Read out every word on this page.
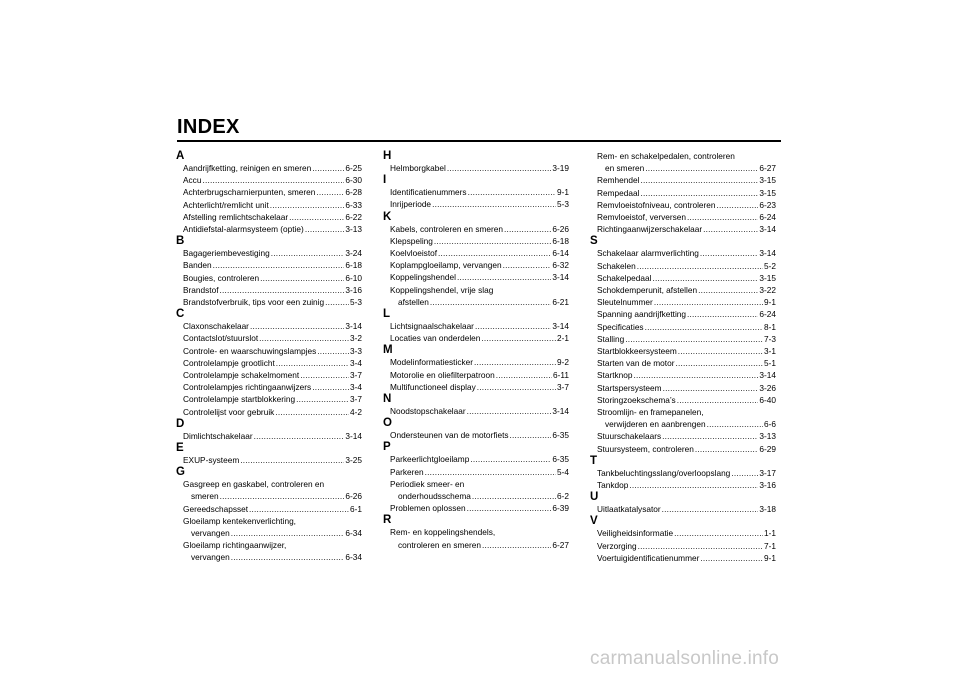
INDEX
A
Aandrijfketting, reinigen en smeren .....	6-25
Accu .....	6-30
Achterbrugscharnierpunten, smeren .....	6-28
Achterlicht/remlicht unit .....	6-33
Afstelling remlichtschakelaar .....	6-22
Antidiefstal-alarmsysteem (optie) .....	3-13
B
Bagageriembevestiging .....	3-24
Banden .....	6-18
Bougies, controleren .....	6-10
Brandstof .....	3-16
Brandstofverbruik, tips voor een zuinig .....	5-3
C
Claxonschakelaar .....	3-14
Contactslot/stuurslot .....	3-2
Controle- en waarschuwingslampjes .....	3-3
Controlelampje grootlicht .....	3-4
Controlelampje schakelmoment .....	3-7
Controlelampjes richtingaanwijzers .....	3-4
Controlelampje startblokkering .....	3-7
Controlelijst voor gebruik .....	4-2
D
Dimlichtschakelaar .....	3-14
E
EXUP-systeem .....	3-25
G
Gasgreep en gaskabel, controleren en
smeren .....	6-26
Gereedschapsset .....	6-1
Gloeilamp kentekenverlichting,
vervangen .....	6-34
Gloeilamp richtingaanwijzer,
vervangen .....	6-34
H
Helmborgkabel .....	3-19
I
Identificatienummers .....	9-1
Inrijperiode .....	5-3
K
Kabels, controleren en smeren .....	6-26
Klepspeling .....	6-18
Koelvloeistof .....	6-14
Koplampgloeilamp, vervangen .....	6-32
Koppelingshendel .....	3-14
Koppelingshendel, vrije slag
afstellen .....	6-21
L
Lichtsignaalschakelaar .....	3-14
Locaties van onderdelen .....	2-1
M
Modelinformatiesticker .....	9-2
Motorolie en oliefilterpatroon .....	6-11
Multifunctioneel display .....	3-7
N
Noodstopschakelaar .....	3-14
O
Ondersteunen van de motorfiets .....	6-35
P
Parkeerlichtgloeilamp .....	6-35
Parkeren .....	5-4
Periodiek smeer- en
onderhoudsschema .....	6-2
Problemen oplossen .....	6-39
R
Rem- en koppelingshendels,
controleren en smeren .....	6-27
Rem- en schakelpedalen, controleren
en smeren .....	6-27
Remhendel .....	3-15
Rempedaal .....	3-15
Remvloeistofniveau, controleren .....	6-23
Remvloeistof, verversen .....	6-24
Richtingaanwijzerschakelaar .....	3-14
S
Schakelaar alarmverlichting .....	3-14
Schakelen .....	5-2
Schakelpedaal .....	3-15
Schokdemperunit, afstellen .....	3-22
Sleutelnummer .....	9-1
Spanning aandrijfketting .....	6-24
Specificaties .....	8-1
Stalling .....	7-3
Startblokkeersysteem .....	3-1
Starten van de motor .....	5-1
Startknop .....	3-14
Startspersysteem .....	3-26
Storingzoekschema’s .....	6-40
Stroomlijn- en framepanelen,
verwijderen en aanbrengen .....	6-6
Stuurschakelaars .....	3-13
Stuursysteem, controleren .....	6-29
T
Tankbeluchtingsslang/overloopslang .....	3-17
Tankdop .....	3-16
U
Uitlaatkatalysator .....	3-18
V
Veiligheidsinformatie .....	1-1
Verzorging .....	7-1
Voertuigidentificatienummer .....	9-1
carmanualsonline.info
